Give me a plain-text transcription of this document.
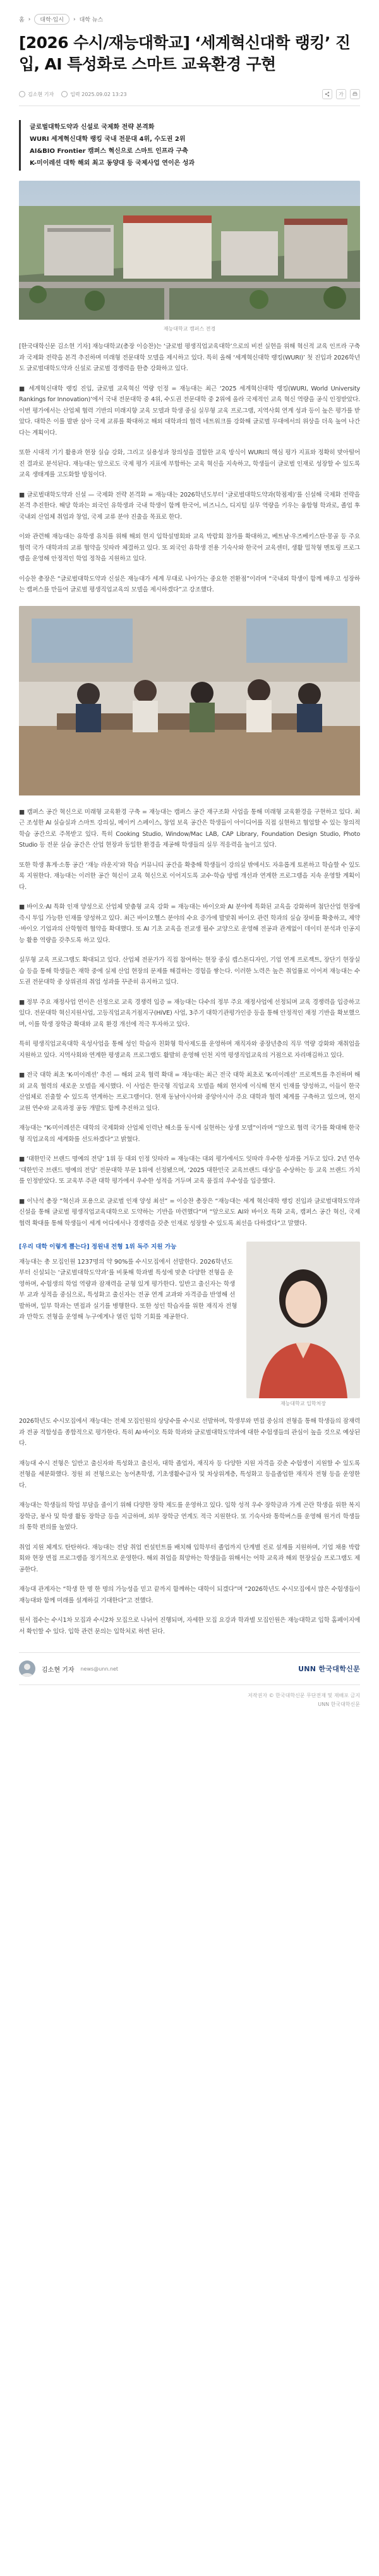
홈 ›	대학·입시	› 대학 뉴스
[2026 수시/재능대학교] ‘세계혁신대학 랭킹’ 진입, AI 특성화로 스마트 교육환경 구현
김소현 기자	입력 2025.09.02 13:23	가
글로벌대학도약과 신설로 국제화 전략 본격화
WURI 세계혁신대학 랭킹 국내 전문대 4위, 수도권 2위
AI&BIO Frontier 캠퍼스 혁신으로 스마트 인프라 구축
K-미이레션 대학 해외 최고 동양대 등 국제사업 연이은 성과
재능대학교 캠퍼스 전경

[한국대학신문 김소현 기자] 재능대학교(총장 이승찬)는 ‘글로벌 평생직업교육대학’으로의 비전 실현을 위해 혁신적 교육 인프라 구축과 국제화 전략을 본격 추진하며 미래형 전문대학 모델을 제시하고 있다. 특히 올해 ‘세계혁신대학 랭킹(WURI)’ 첫 진입과 2026학년도 글로벌대학도약과 신설로 글로벌 경쟁력을 한층 강화하고 있다.

■ 세계혁신대학 랭킹 진입, 글로벌 교육혁신 역량 인정 = 재능대는 최근 ‘2025 세계혁신대학 랭킹(WURI, World University Rankings for Innovation)’에서 국내 전문대학 중 4위, 수도권 전문대학 중 2위에 올라 국제적인 교육 혁신 역량을 공식 인정받았다. 이번 평가에서는 산업체 협력 기반의 미래지향 교육 모델과 학생 중심 실무형 교육 프로그램, 지역사회 연계 성과 등이 높은 평가를 받았다. 대학은 이를 발판 삼아 국제 교류를 확대하고 해외 대학과의 협력 네트워크를 강화해 글로벌 무대에서의 위상을 더욱 높여 나간다는 계획이다.

또한 시대적 기기 활용과 현장 실습 강화, 그리고 실용성과 창의성을 결합한 교육 방식이 WURI의 핵심 평가 지표와 정확히 맞아떨어진 결과로 분석된다. 재능대는 앞으로도 국제 평가 지표에 부합하는 교육 혁신을 지속하고, 학생들이 글로벌 인재로 성장할 수 있도록 교육 생태계를 고도화할 방침이다.

■ 글로벌대학도약과 신설 — 국제화 전략 본격화 = 재능대는 2026학년도부터 ‘글로벌대학도약과(학점제)’를 신설해 국제화 전략을 본격 추진한다. 해당 학과는 외국인 유학생과 국내 학생이 함께 한국어, 비즈니스, 디지털 실무 역량을 키우는 융합형 학과로, 졸업 후 국내외 산업체 취업과 창업, 국제 교류 분야 진출을 목표로 한다.

이와 관련해 재능대는 유학생 유치를 위해 해외 현지 입학설명회와 교육 박람회 참가를 확대하고, 베트남·우즈베키스탄·몽골 등 주요 협력 국가 대학과의 교류 협약을 잇따라 체결하고 있다. 또 외국인 유학생 전용 기숙사와 한국어 교육센터, 생활 밀착형 멘토링 프로그램을 운영해 안정적인 학업 정착을 지원하고 있다.

이승찬 총장은 “글로벌대학도약과 신설은 재능대가 세계 무대로 나아가는 중요한 전환점”이라며 “국내외 학생이 함께 배우고 성장하는 캠퍼스를 만들어 글로벌 평생직업교육의 모델을 제시하겠다”고 강조했다.

■ 캠퍼스 공간 혁신으로 미래형 교육환경 구축 = 재능대는 캠퍼스 공간 재구조화 사업을 통해 미래형 교육환경을 구현하고 있다. 최근 조성한 AI 실습실과 스마트 강의실, 메이커 스페이스, 창업 보육 공간은 학생들이 아이디어를 직접 실현하고 협업할 수 있는 창의적 학습 공간으로 주목받고 있다. 특히 Cooking Studio, Window/Mac LAB, CAP Library, Foundation Design Studio, Photo Studio 등 전문 실습 공간은 산업 현장과 동일한 환경을 제공해 학생들의 실무 적응력을 높이고 있다.

또한 학생 휴게·소통 공간 ‘재능 라운지’와 학습 커뮤니티 공간을 확충해 학생들이 강의실 밖에서도 자유롭게 토론하고 학습할 수 있도록 지원한다. 재능대는 이러한 공간 혁신이 교육 혁신으로 이어지도록 교수·학습 방법 개선과 연계한 프로그램을 지속 운영할 계획이다.

■ 바이오·AI 특화 인재 양성으로 산업체 맞춤형 교육 강화 = 재능대는 바이오와 AI 분야에 특화된 교육을 강화하며 첨단산업 현장에 즉시 투입 가능한 인재를 양성하고 있다. 최근 바이오헬스 분야의 수요 증가에 발맞춰 바이오 관련 학과의 실습 장비를 확충하고, 제약·바이오 기업과의 산학협력 협약을 확대했다. 또 AI 기초 교육을 전교생 필수 교양으로 운영해 전공과 관계없이 데이터 분석과 인공지능 활용 역량을 갖추도록 하고 있다.

실무형 교육 프로그램도 확대되고 있다. 산업체 전문가가 직접 참여하는 현장 중심 캡스톤디자인, 기업 연계 프로젝트, 장단기 현장실습 등을 통해 학생들은 재학 중에 실제 산업 현장의 문제를 해결하는 경험을 쌓는다. 이러한 노력은 높은 취업률로 이어져 재능대는 수도권 전문대학 중 상위권의 취업 성과를 꾸준히 유지하고 있다.

■ 정부 주요 재정사업 연이은 선정으로 교육 경쟁력 입증 = 재능대는 다수의 정부 주요 재정사업에 선정되며 교육 경쟁력을 입증하고 있다. 전문대학 혁신지원사업, 고등직업교육거점지구(HiVE) 사업, 3주기 대학기관평가인증 등을 통해 안정적인 재정 기반을 확보했으며, 이를 학생 장학금 확대와 교육 환경 개선에 적극 투자하고 있다.

특히 평생직업교육대학 육성사업을 통해 성인 학습자 친화형 학사제도를 운영하며 재직자와 중장년층의 직무 역량 강화와 재취업을 지원하고 있다. 지역사회와 연계한 평생교육 프로그램도 활발히 운영해 인천 지역 평생직업교육의 거점으로 자리매김하고 있다.

■ 전국 대학 최초 ‘K-미이레션’ 추진 — 해외 교육 협력 확대 = 재능대는 최근 전국 대학 최초로 ‘K-미이레션’ 프로젝트를 추진하며 해외 교육 협력의 새로운 모델을 제시했다. 이 사업은 한국형 직업교육 모델을 해외 현지에 이식해 현지 인재를 양성하고, 이들이 한국 산업체로 진출할 수 있도록 연계하는 프로그램이다. 현재 동남아시아와 중앙아시아 주요 대학과 협력 체계를 구축하고 있으며, 현지 교원 연수와 교육과정 공동 개발도 함께 추진하고 있다.

재능대는 “K-미이레션은 대학의 국제화와 산업체 인력난 해소를 동시에 실현하는 상생 모델”이라며 “앞으로 협력 국가를 확대해 한국형 직업교육의 세계화를 선도하겠다”고 밝혔다.

■ ‘대한민국 브랜드 명예의 전당’ 1위 등 대외 인정 잇따라 = 재능대는 대외 평가에서도 잇따라 우수한 성과를 거두고 있다. 2년 연속 ‘대한민국 브랜드 명예의 전당’ 전문대학 부문 1위에 선정됐으며, ‘2025 대한민국 교육브랜드 대상’을 수상하는 등 교육 브랜드 가치를 인정받았다. 또 교육부 주관 대학 평가에서 우수한 성적을 거두며 교육 품질의 우수성을 입증했다.

■ 이낙석 총장 “혁신과 포용으로 글로벌 인재 양성 최선” = 이승찬 총장은 “재능대는 세계 혁신대학 랭킹 진입과 글로벌대학도약과 신설을 통해 글로벌 평생직업교육대학으로 도약하는 기반을 마련했다”며 “앞으로도 AI와 바이오 특화 교육, 캠퍼스 공간 혁신, 국제 협력 확대를 통해 학생들이 세계 어디에서나 경쟁력을 갖춘 인재로 성장할 수 있도록 최선을 다하겠다”고 말했다.

[우리 대학 이렇게 뽑는다] 정원내 전형 1위 독주 지원 가능
재능대는 총 모집인원 1237명의 약 90%를 수시모집에서 선발한다. 2026학년도부터 신설되는 ‘글로벌대학도약과’를 비롯해 학과별 특성에 맞춘 다양한 전형을 운영하며, 수험생의 학업 역량과 잠재력을 균형 있게 평가한다. 일반고 출신자는 학생부 교과 성적을 중심으로, 특성화고 출신자는 전공 연계 교과와 자격증을 반영해 선발하며, 일부 학과는 면접과 실기를 병행한다. 또한 성인 학습자를 위한 재직자 전형과 만학도 전형을 운영해 누구에게나 열린 입학 기회를 제공한다.
재능대학교 입학처장

2026학년도 수시모집에서 재능대는 전체 모집인원의 상당수를 수시로 선발하며, 학생부와 면접 중심의 전형을 통해 학생들의 잠재력과 전공 적합성을 종합적으로 평가한다. 특히 AI·바이오 특화 학과와 글로벌대학도약과에 대한 수험생들의 관심이 높을 것으로 예상된다.

재능대 수시 전형은 일반고 출신자와 특성화고 출신자, 대학 졸업자, 재직자 등 다양한 지원 자격을 갖춘 수험생이 지원할 수 있도록 전형을 세분화했다. 정원 외 전형으로는 농어촌학생, 기초생활수급자 및 차상위계층, 특성화고 등을졸업한 재직자 전형 등을 운영한다.

재능대는 학생들의 학업 부담을 줄이기 위해 다양한 장학 제도를 운영하고 있다. 입학 성적 우수 장학금과 가계 곤란 학생을 위한 복지 장학금, 봉사 및 학생 활동 장학금 등을 지급하며, 외부 장학금 연계도 적극 지원한다. 또 기숙사와 통학버스를 운영해 원거리 학생들의 통학 편의를 높였다.

취업 지원 체계도 탄탄하다. 재능대는 전담 취업 컨설턴트를 배치해 입학부터 졸업까지 단계별 진로 설계를 지원하며, 기업 채용 박람회와 현장 면접 프로그램을 정기적으로 운영한다. 해외 취업을 희망하는 학생들을 위해서는 어학 교육과 해외 현장실습 프로그램도 제공한다.

재능대 관계자는 “학생 한 명 한 명의 가능성을 믿고 끝까지 함께하는 대학이 되겠다”며 “2026학년도 수시모집에서 많은 수험생들이 재능대와 함께 미래를 설계하길 기대한다”고 전했다.

원서 접수는 수시1차 모집과 수시2차 모집으로 나뉘어 진행되며, 자세한 모집 요강과 학과별 모집인원은 재능대학교 입학 홈페이지에서 확인할 수 있다. 입학 관련 문의는 입학처로 하면 된다.

김소현 기자 news@unn.net	UNN 한국대학신문
저작권자 © 한국대학신문 무단전재 및 재배포 금지
UNN 한국대학신문
